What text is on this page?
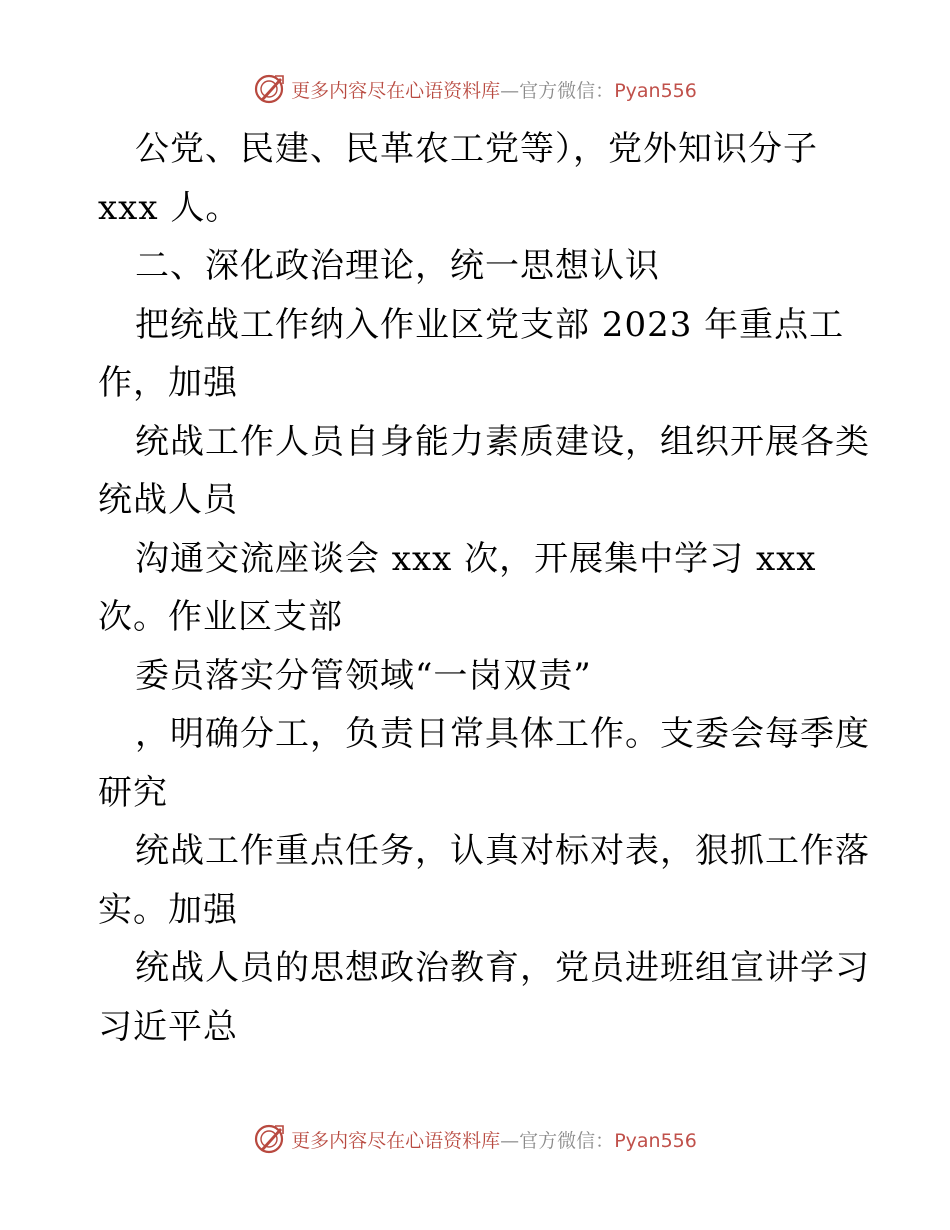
更多内容尽在心语资料库—官方微信：Pyan556
公党、民建、民革农工党等），党外知识分子
xxx 人。
二、深化政治理论，统一思想认识
把统战工作纳入作业区党支部 2023 年重点工
作，加强
统战工作人员自身能力素质建设，组织开展各类
统战人员
沟通交流座谈会 xxx 次，开展集中学习 xxx
次。作业区支部
委员落实分管领域“一岗双责”
，明确分工，负责日常具体工作。支委会每季度
研究
统战工作重点任务，认真对标对表，狠抓工作落
实。加强
统战人员的思想政治教育，党员进班组宣讲学习
习近平总
更多内容尽在心语资料库—官方微信：Pyan556
